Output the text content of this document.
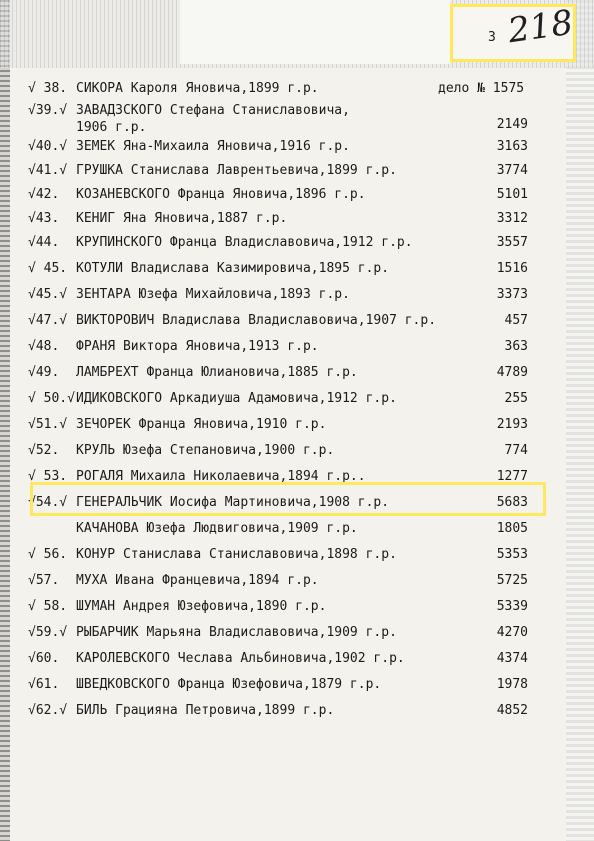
3 218
√ 38. СИКОРА Кароля Яновича,1899 г.р.	дело № 1575
√39.√ ЗАВАДЗСКОГО Стефана Станиславовича,
1906 г.р.	2149
√40.√ ЗЕМЕК Яна-Михаила Яновича,1916 г.р.	3163
√41.√ ГРУШКА Станислава Лаврентьевича,1899 г.р.	3774
√42. КОЗАНЕВСКОГО Франца Яновича,1896 г.р.	5101
√43. КЕНИГ Яна Яновича,1887 г.р.	3312
√44. КРУПИНСКОГО Франца Владиславовича,1912 г.р.	3557
√ 45. КОТУЛИ Владислава Казимировича,1895 г.р.	1516
√45.√ ЗЕНТАРА Юзефа Михайловича,1893 г.р.	3373
√47.√ ВИКТОРОВИЧ Владислава Владиславовича,1907 г.р.	457
√48. ФРАНЯ Виктора Яновича,1913 г.р.	363
√49. ЛАМБРЕХТ Франца Юлиановича,1885 г.р.	4789
√ 50.√ ИДИКОВСКОГО Аркадиуша Адамовича,1912 г.р.	255
√51.√ ЗЕЧОРЕК Франца Яновича,1910 г.р.	2193
√52. КРУЛЬ Юзефа Степановича,1900 г.р.	774
√ 53. РОГАЛЯ Михаила Николаевича,1894 г.р..	1277
√54.√ ГЕНЕРАЛЬЧИК Иосифа Мартиновича,1908 г.р.	5683
КАЧАНОВА Юзефа Людвиговича,1909 г.р.	1805
√ 56. КОНУР Станислава Станиславовича,1898 г.р.	5353
√57. МУХА Ивана Францевича,1894 г.р.	5725
√ 58. ШУМАН Андрея Юзефовича,1890 г.р.	5339
√59.√ РЫБАРЧИК Марьяна Владиславовича,1909 г.р.	4270
√60. КАРОЛЕВСКОГО Чеслава Альбиновича,1902 г.р.	4374
√61. ШВЕДКОВСКОГО Франца Юзефовича,1879 г.р.	1978
√62.√ БИЛЬ Грацияна Петровича,1899 г.р.	4852
